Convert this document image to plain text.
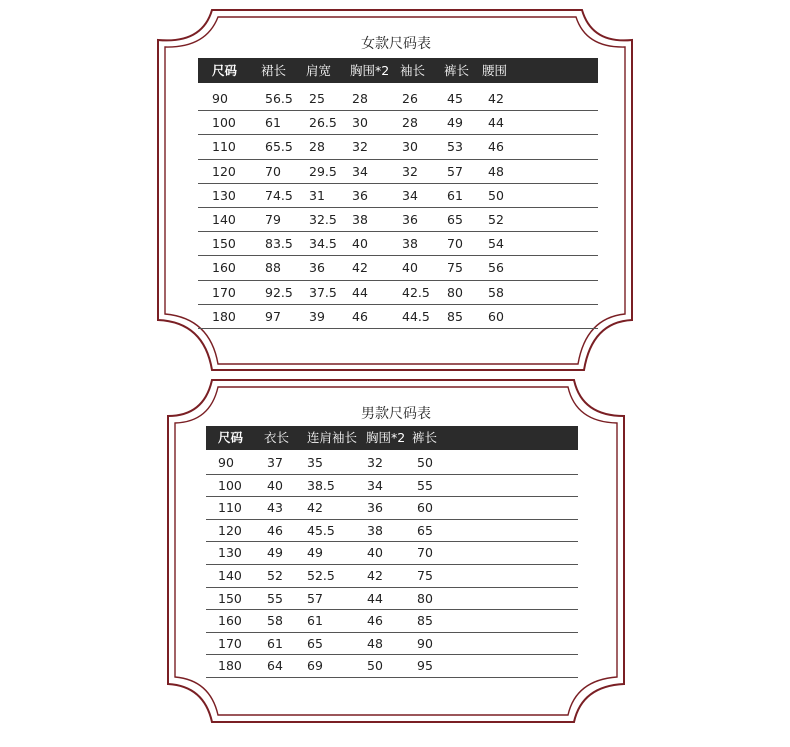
女款尺码表
尺码 裙长 肩宽 胸围*2 袖长 裤长 腰围
90	56.5 25 28	26 45 42
100 61 26.5 30	28 49 44
110 65.5 28 32	30 53 46
120 70 29.5 34	32 57 48
130 74.5 31 36	34 61 50
140 79 32.5 38	36 65 52
150 83.5 34.5 40	38 70 54
160 88 36 42	40 75 56
170 92.5 37.5 44	42.5 80 58
180 97 39 46	44.5 85 60
男款尺码表
尺码 衣长 连肩袖长 胸围*2 裤长
90	37 35	32	50
100 40 38.5	34	55
110 43 42	36	60
120 46 45.5	38	65
130 49 49	40	70
140 52 52.5	42	75
150 55 57	44	80
160 58 61	46	85
170 61 65	48	90
180 64 69	50	95
